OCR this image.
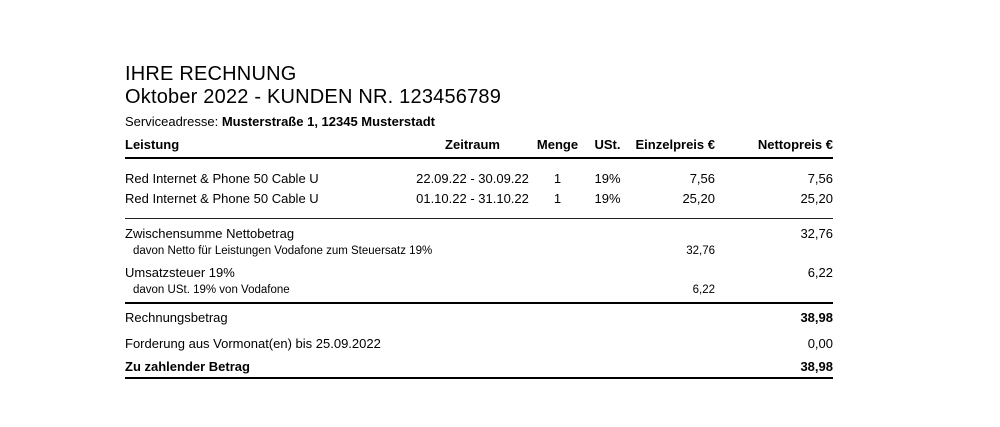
IHRE RECHNUNG
Oktober 2022 - KUNDEN NR. 123456789
Serviceadresse: Musterstraße 1, 12345 Musterstadt
Leistung	Zeitraum	Menge	USt.	Einzelpreis €	Nettopreis €
Red Internet & Phone 50 Cable U	22.09.22 - 30.09.22	1	19%	7,56	7,56
Red Internet & Phone 50 Cable U	01.10.22 - 31.10.22	1	19%	25,20	25,20
Zwischensumme Nettobetrag	32,76
davon Netto für Leistungen Vodafone zum Steuersatz 19%	32,76
Umsatzsteuer 19%	6,22
davon USt. 19% von Vodafone	6,22
Rechnungsbetrag	38,98
Forderung aus Vormonat(en) bis 25.09.2022	0,00
Zu zahlender Betrag	38,98
